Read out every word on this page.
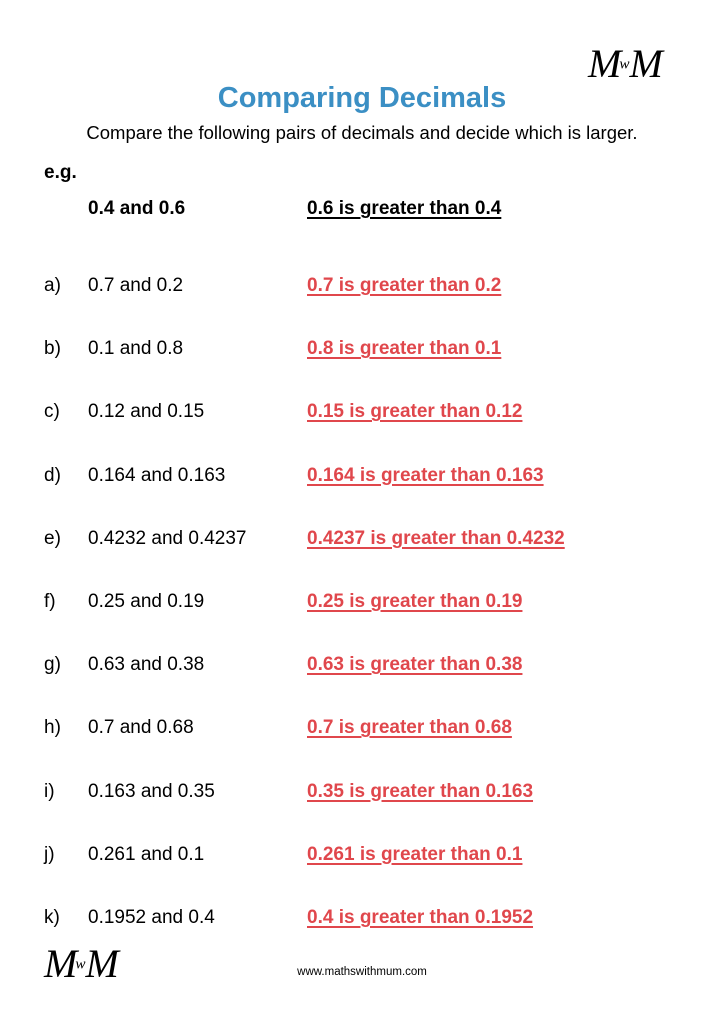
$M^wM$
Comparing Decimals
Compare the following pairs of decimals and decide which is larger.
e.g.
0.4 and 0.6	0.6 is greater than 0.4
a) 0.7 and 0.2	0.7 is greater than 0.2
b) 0.1 and 0.8	0.8 is greater than 0.1
c) 0.12 and 0.15	0.15 is greater than 0.12
d) 0.164 and 0.163	0.164 is greater than 0.163
e) 0.4232 and 0.4237	0.4237 is greater than 0.4232
f) 0.25 and 0.19	0.25 is greater than 0.19
g) 0.63 and 0.38	0.63 is greater than 0.38
h) 0.7 and 0.68	0.7 is greater than 0.68
i) 0.163 and 0.35	0.35 is greater than 0.163
j) 0.261 and 0.1	0.261 is greater than 0.1
k) 0.1952 and 0.4	0.4 is greater than 0.1952
$M^wM$	www.mathswithmum.com
